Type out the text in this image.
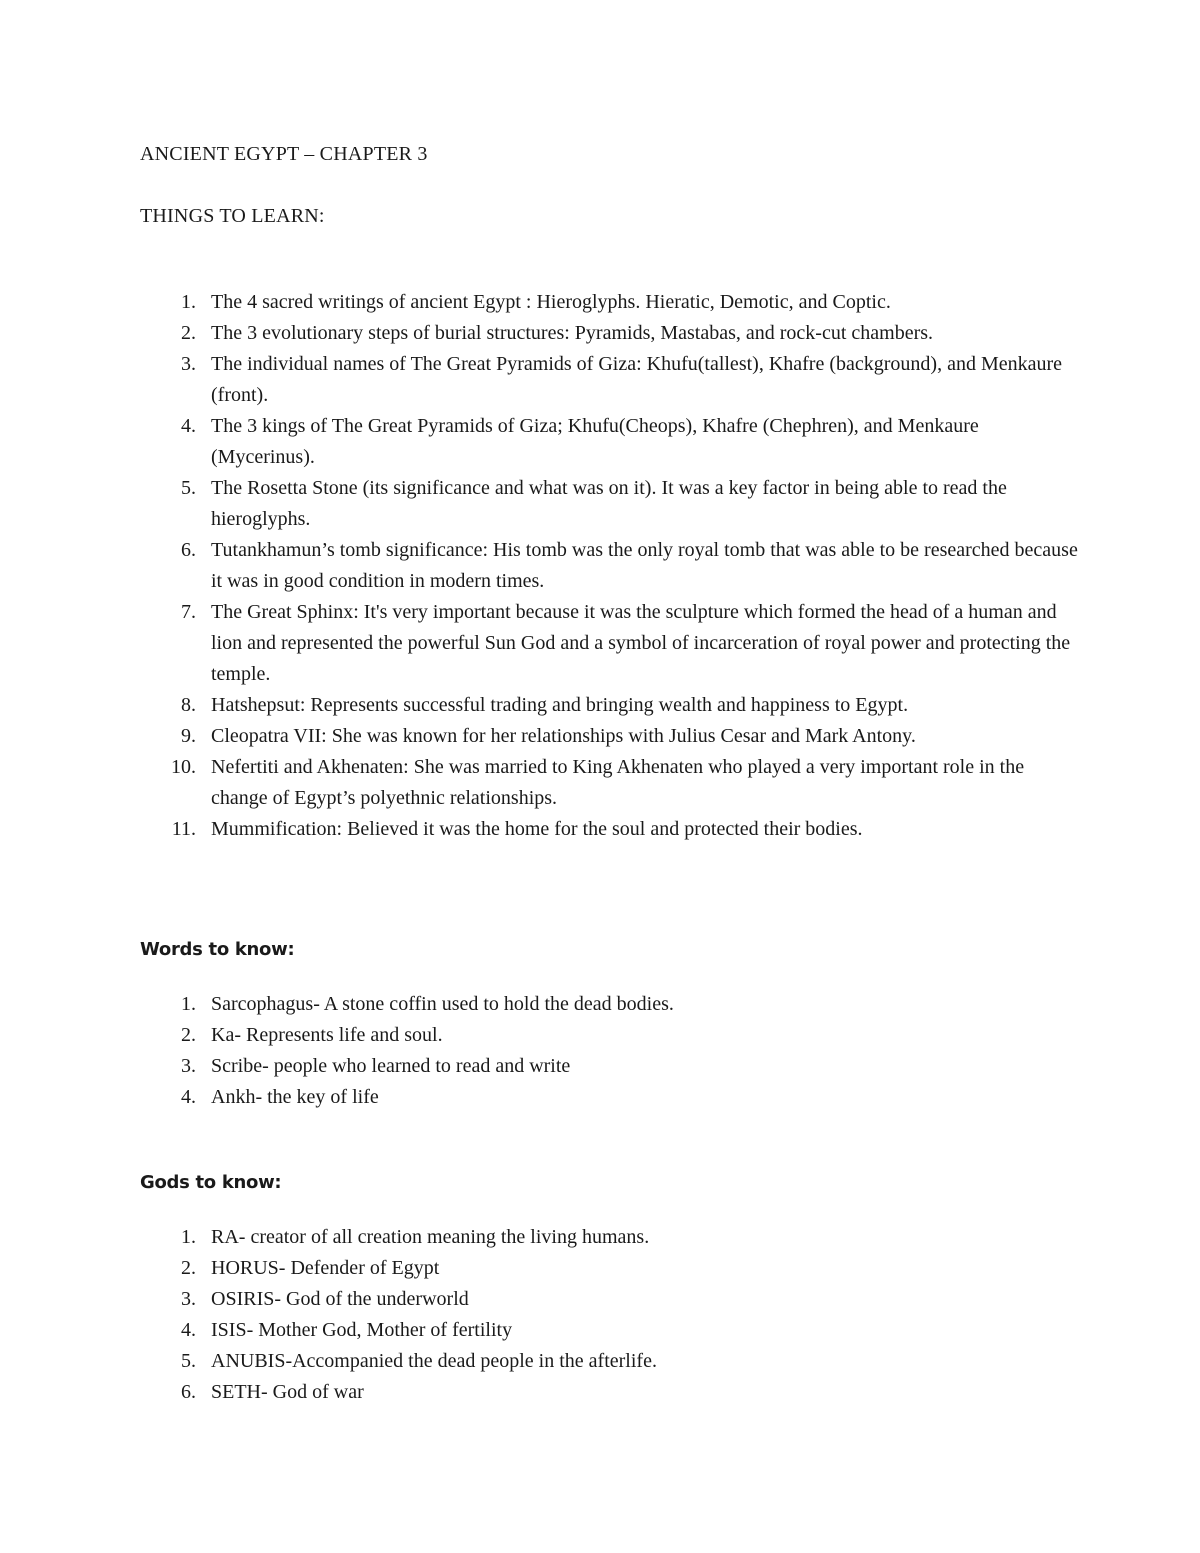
ANCIENT EGYPT – CHAPTER 3
THINGS TO LEARN:
1. The 4 sacred writings of ancient Egypt : Hieroglyphs. Hieratic, Demotic, and Coptic.
2. The 3 evolutionary steps of burial structures: Pyramids, Mastabas, and rock-cut chambers.
3. The individual names of The Great Pyramids of Giza: Khufu(tallest), Khafre (background), and Menkaure (front).
4. The 3 kings of The Great Pyramids of Giza; Khufu(Cheops), Khafre (Chephren), and Menkaure (Mycerinus).
5. The Rosetta Stone (its significance and what was on it). It was a key factor in being able to read the hieroglyphs.
6. Tutankhamun’s tomb significance: His tomb was the only royal tomb that was able to be researched because it was in good condition in modern times.
7. The Great Sphinx: It's very important because it was the sculpture which formed the head of a human and lion and represented the powerful Sun God and a symbol of incarceration of royal power and protecting the temple.
8. Hatshepsut: Represents successful trading and bringing wealth and happiness to Egypt.
9. Cleopatra VII: She was known for her relationships with Julius Cesar and Mark Antony.
10. Nefertiti and Akhenaten: She was married to King Akhenaten who played a very important role in the change of Egypt’s polyethnic relationships.
11. Mummification: Believed it was the home for the soul and protected their bodies.
Words to know:
1. Sarcophagus- A stone coffin used to hold the dead bodies.
2. Ka- Represents life and soul.
3. Scribe- people who learned to read and write
4. Ankh- the key of life
Gods to know:
1. RA- creator of all creation meaning the living humans.
2. HORUS- Defender of Egypt
3. OSIRIS- God of the underworld
4. ISIS- Mother God, Mother of fertility
5. ANUBIS-Accompanied the dead people in the afterlife.
6. SETH- God of war
